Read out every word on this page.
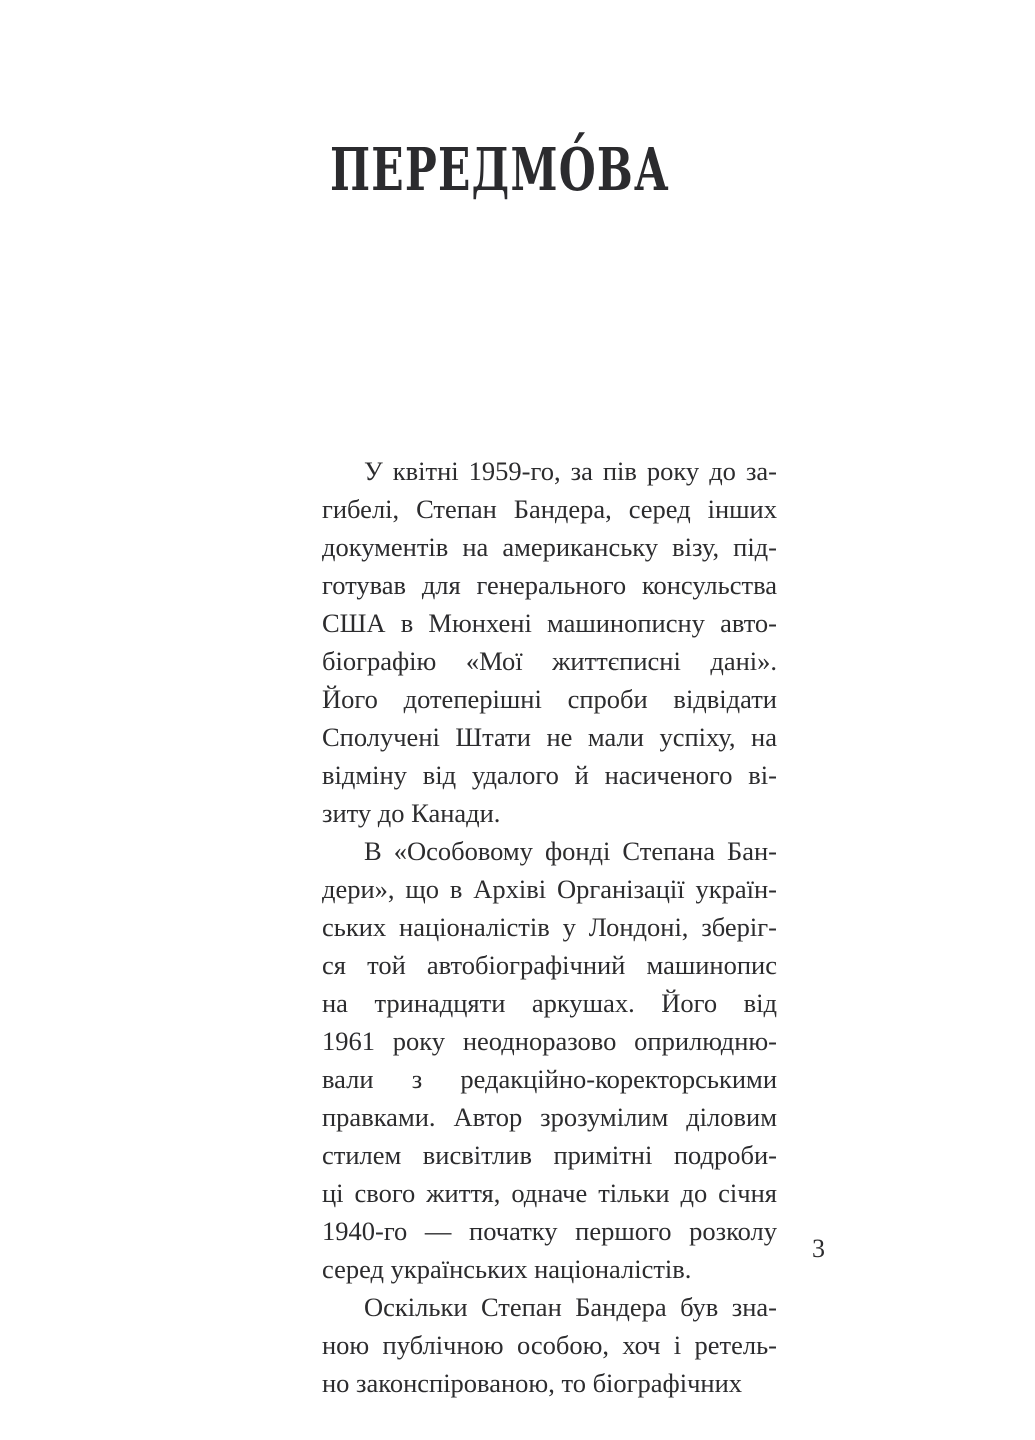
ПЕРЕДМО́ВА

У квітні 1959-го, за пів року до за-
гибелі, Степан Бандера, серед інших
документів на американську візу, під-
готував для генерального консульства
США в Мюнхені машинописну авто-
біографію «Мої життєписні дані».
Його дотеперішні спроби відвідати
Сполучені Штати не мали успіху, на
відміну від удалого й насиченого ві-
зиту до Канади.

В «Особовому фонді Степана Бан-
дери», що в Архіві Організації україн-
ських націоналістів у Лондоні, зберіг-
ся той автобіографічний машинопис
на тринадцяти аркушах. Його від
1961 року неодноразово оприлюдню-
вали з редакційно-коректорськими
правками. Автор зрозумілим діловим
стилем висвітлив примітні подроби-
ці свого життя, одначе тільки до січня
1940-го — початку першого розколу
серед українських націоналістів.

Оскільки Степан Бандера був зна-
ною публічною особою, хоч і ретель-
но законспірованою, то біографічних

3
